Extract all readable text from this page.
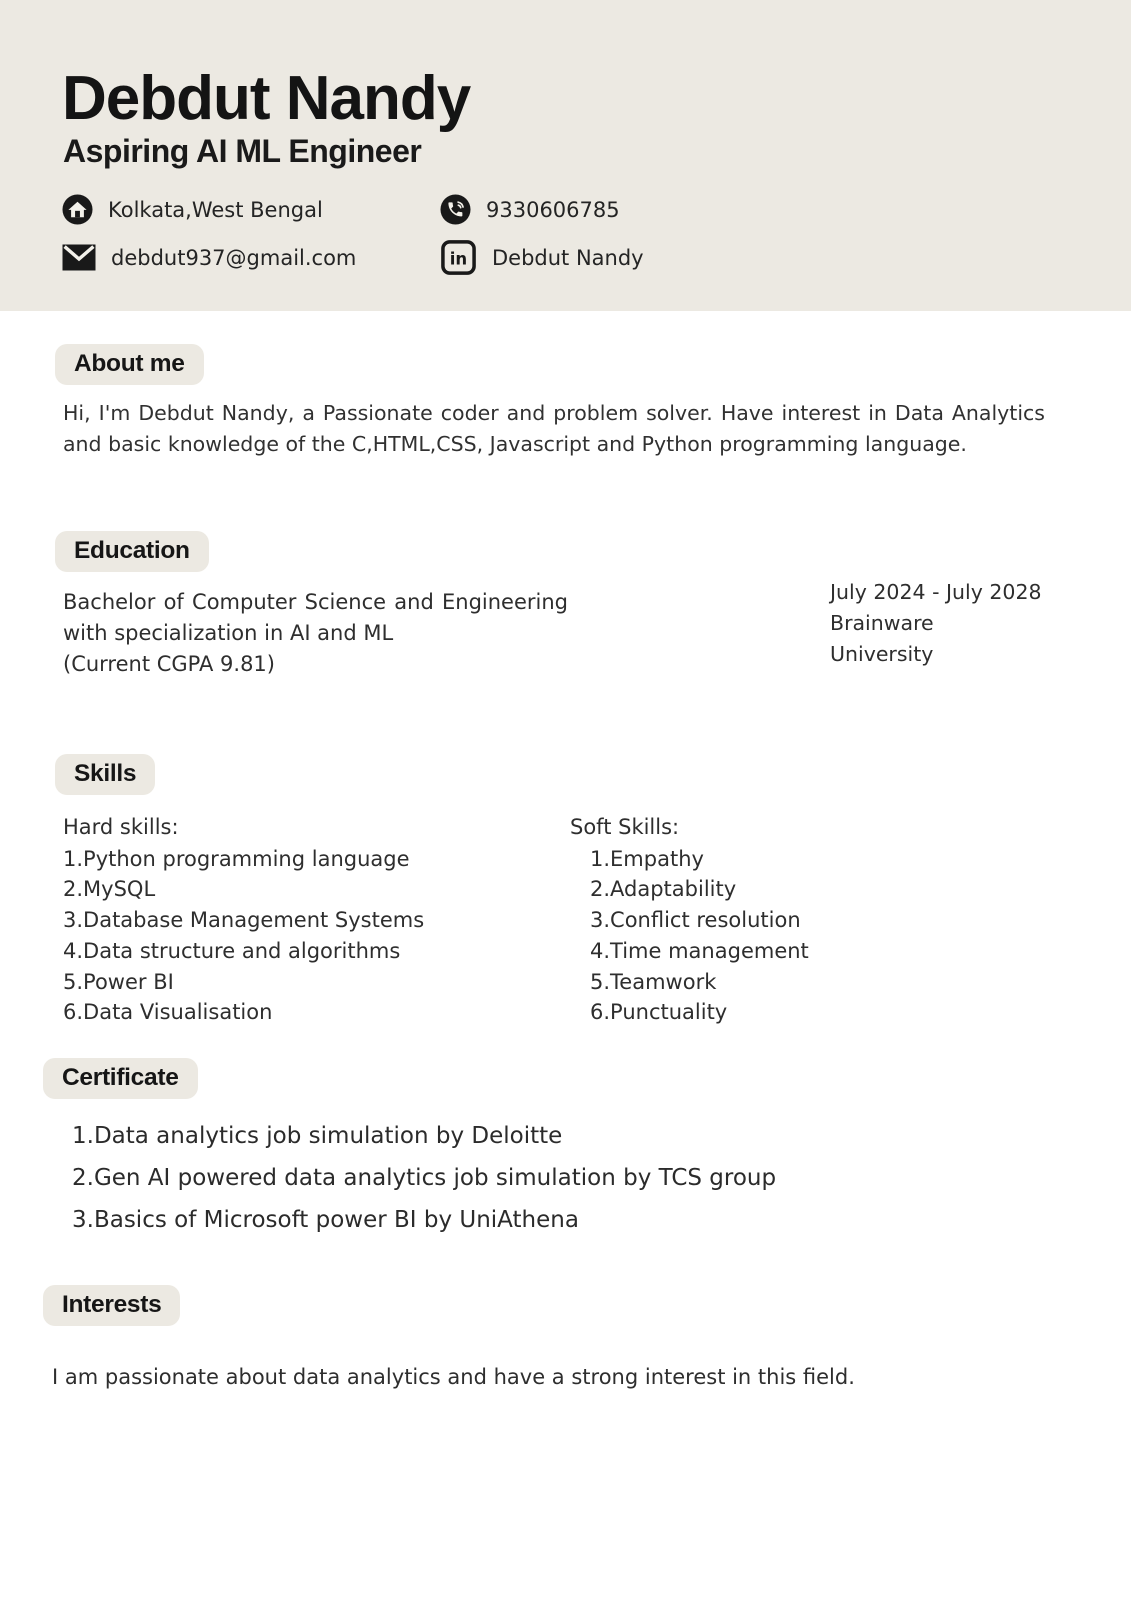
Debdut Nandy
Aspiring AI ML Engineer
Kolkata,West Bengal	9330606785
debdut937@gmail.com	in Debdut Nandy
About me

Hi, I'm Debdut Nandy, a Passionate coder and problem solver. Have interest in Data Analytics and basic knowledge of the C,HTML,CSS, Javascript and Python programming language.

Education
Bachelor of Computer Science and Engineering
with specialization in AI and ML
(Current CGPA 9.81)
July 2024 - July 2028
Brainware University
Skills
Hard skills:
1.Python programming language
2.MySQL
3.Database Management Systems
4.Data structure and algorithms
5.Power BI
6.Data Visualisation
Soft Skills:
1.Empathy
2.Adaptability
3.Conflict resolution
4.Time management
5.Teamwork
6.Punctuality
Certificate
1.Data analytics job simulation by Deloitte
2.Gen AI powered data analytics job simulation by TCS group
3.Basics of Microsoft power BI by UniAthena
Interests

I am passionate about data analytics and have a strong interest in this field.
